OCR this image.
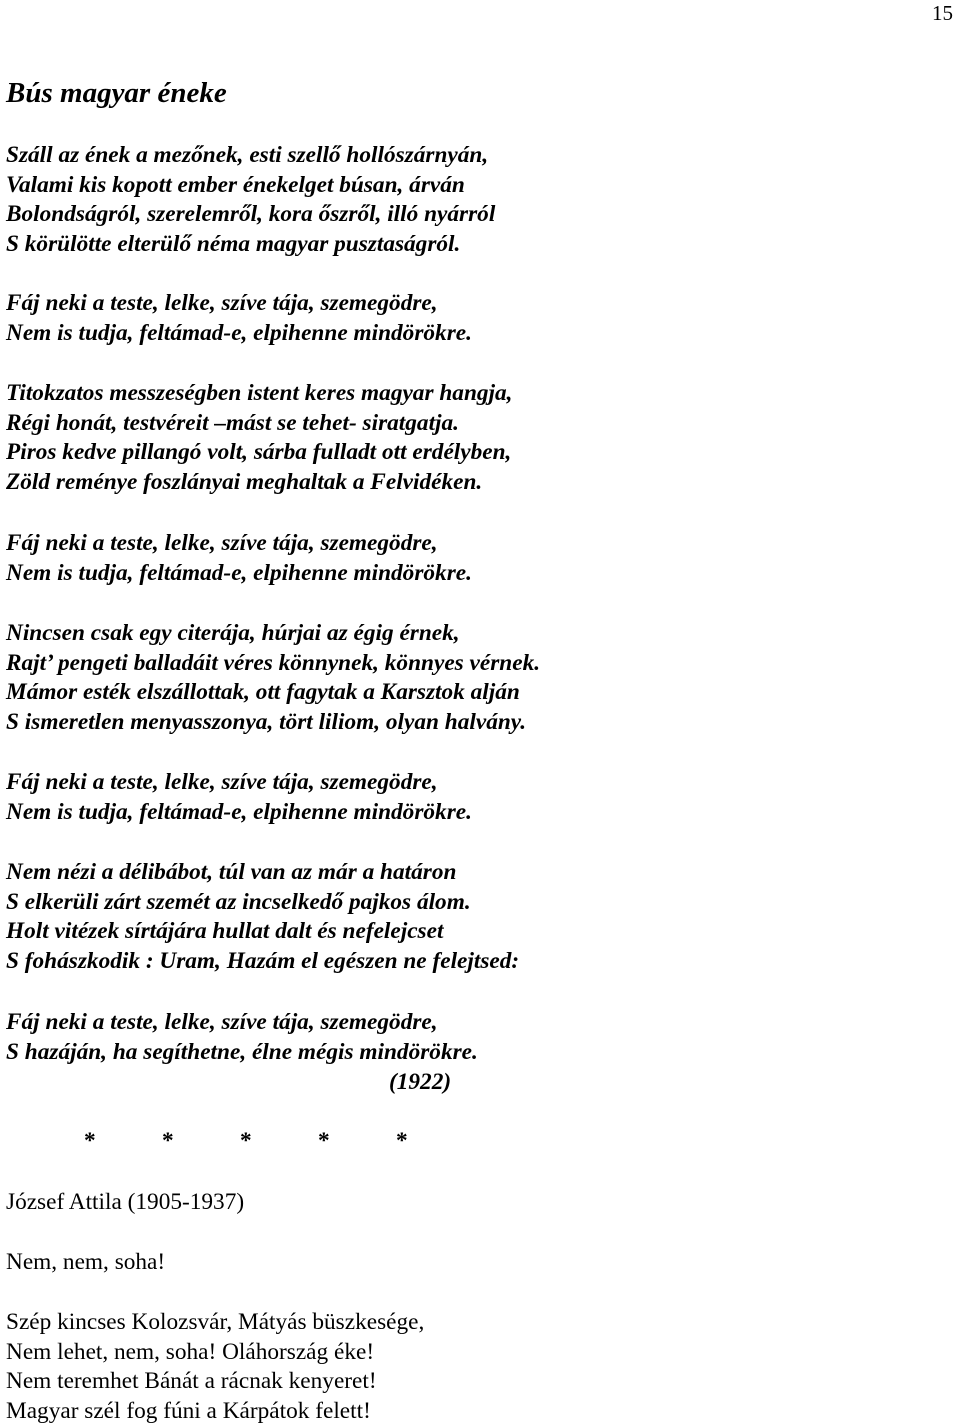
15
Bús magyar éneke
Száll az ének a mezőnek, esti szellő hollószárnyán,
Valami kis kopott ember énekelget búsan, árván
Bolondságról, szerelemről, kora őszről, illó nyárról
S körülötte elterülő néma magyar pusztaságról.
Fáj neki a teste, lelke, szíve tája, szemegödre,
Nem is tudja, feltámad-e, elpihenne mindörökre.
Titokzatos messzeségben istent keres magyar hangja,
Régi honát, testvéreit –mást se tehet- siratgatja.
Piros kedve pillangó volt, sárba fulladt ott erdélyben,
Zöld reménye foszlányai meghaltak a Felvidéken.
Fáj neki a teste, lelke, szíve tája, szemegödre,
Nem is tudja, feltámad-e, elpihenne mindörökre.
Nincsen csak egy citerája, húrjai az égig érnek,
Rajt’ pengeti balladáit véres könnynek, könnyes vérnek.
Mámor esték elszállottak, ott fagytak a Karsztok alján
S ismeretlen menyasszonya, tört liliom, olyan halvány.
Fáj neki a teste, lelke, szíve tája, szemegödre,
Nem is tudja, feltámad-e, elpihenne mindörökre.
Nem nézi a délibábot, túl van az már a határon
S elkerüli zárt szemét az incselkedő pajkos álom.
Holt vitézek sírtájára hullat dalt és nefelejcset
S fohászkodik : Uram, Hazám el egészen ne felejtsed:
Fáj neki a teste, lelke, szíve tája, szemegödre,
S hazáján, ha segíthetne, élne mégis mindörökre.
(1922)
*	*	*	*	*
József Attila (1905-1937)
Nem, nem, soha!
Szép kincses Kolozsvár, Mátyás büszkesége,
Nem lehet, nem, soha! Oláhország éke!
Nem teremhet Bánát a rácnak kenyeret!
Magyar szél fog fúni a Kárpátok felett!
